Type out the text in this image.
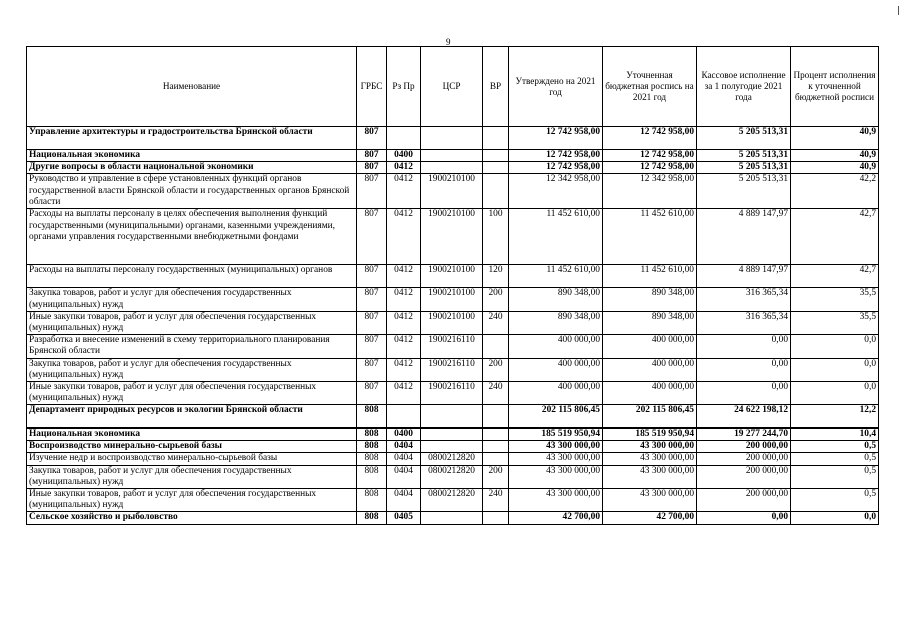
9
Наименование	ГРБС	Рз Пр	ЦСР	ВР	Утверждено на 2021 год	Уточненная бюджетная роспись на 2021 год	Кассовое исполнение за 1 полугодие 2021 года	Процент исполнения к уточненной бюджетной росписи
Управление архитектуры и градостроительства Брянской области	807				12 742 958,00	12 742 958,00	5 205 513,31	40,9
Национальная экономика	807	0400			12 742 958,00	12 742 958,00	5 205 513,31	40,9
Другие вопросы в области национальной экономики	807	0412			12 742 958,00	12 742 958,00	5 205 513,31	40,9
Руководство и управление в сфере установленных функций органов государственной власти Брянской области и государственных органов Брянской области	807	0412	1900210100		12 342 958,00	12 342 958,00	5 205 513,31	42,2
Расходы на выплаты персоналу в целях обеспечения выполнения функций государственными (муниципальными) органами, казенными учреждениями, органами управления государственными внебюджетными фондами	807	0412	1900210100	100	11 452 610,00	11 452 610,00	4 889 147,97	42,7
Расходы на выплаты персоналу государственных (муниципальных) органов	807	0412	1900210100	120	11 452 610,00	11 452 610,00	4 889 147,97	42,7
Закупка товаров, работ и услуг для обеспечения государственных (муниципальных) нужд	807	0412	1900210100	200	890 348,00	890 348,00	316 365,34	35,5
Иные закупки товаров, работ и услуг для обеспечения государственных (муниципальных) нужд	807	0412	1900210100	240	890 348,00	890 348,00	316 365,34	35,5
Разработка и внесение изменений в схему территориального планирования Брянской области	807	0412	1900216110		400 000,00	400 000,00	0,00	0,0
Закупка товаров, работ и услуг для обеспечения государственных (муниципальных) нужд	807	0412	1900216110	200	400 000,00	400 000,00	0,00	0,0
Иные закупки товаров, работ и услуг для обеспечения государственных (муниципальных) нужд	807	0412	1900216110	240	400 000,00	400 000,00	0,00	0,0
Департамент природных ресурсов и экологии Брянской области	808				202 115 806,45	202 115 806,45	24 622 198,12	12,2
Национальная экономика	808	0400			185 519 950,94	185 519 950,94	19 277 244,70	10,4
Воспроизводство минерально-сырьевой базы	808	0404			43 300 000,00	43 300 000,00	200 000,00	0,5
Изучение недр и воспроизводство минерально-сырьевой базы	808	0404	0800212820		43 300 000,00	43 300 000,00	200 000,00	0,5
Закупка товаров, работ и услуг для обеспечения государственных (муниципальных) нужд	808	0404	0800212820	200	43 300 000,00	43 300 000,00	200 000,00	0,5
Иные закупки товаров, работ и услуг для обеспечения государственных (муниципальных) нужд	808	0404	0800212820	240	43 300 000,00	43 300 000,00	200 000,00	0,5
Сельское хозяйство и рыболовство	808	0405			42 700,00	42 700,00	0,00	0,0
